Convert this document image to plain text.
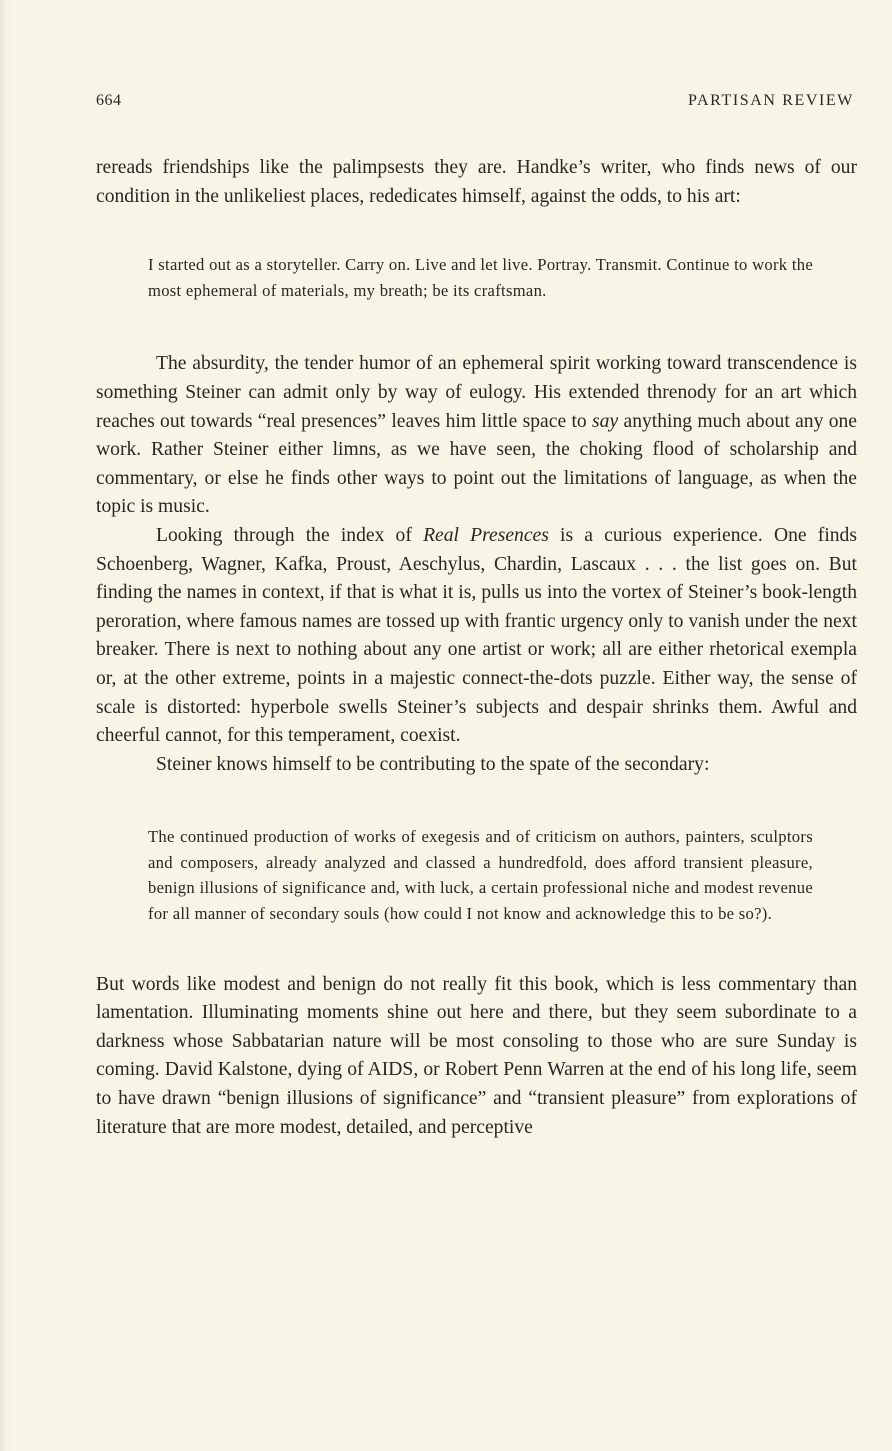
664	PARTISAN REVIEW

rereads friendships like the palimpsests they are. Handke’s writer, who finds news of our condition in the unlikeliest places, rededicates himself, against the odds, to his art:

I started out as a storyteller. Carry on. Live and let live. Portray. Transmit. Continue to work the most ephemeral of materials, my breath; be its craftsman.

The absurdity, the tender humor of an ephemeral spirit working toward transcendence is something Steiner can admit only by way of eulogy. His extended threnody for an art which reaches out towards “real presences” leaves him little space to say anything much about any one work. Rather Steiner either limns, as we have seen, the choking flood of scholarship and commentary, or else he finds other ways to point out the limitations of language, as when the topic is music.

Looking through the index of Real Presences is a curious experience. One finds Schoenberg, Wagner, Kafka, Proust, Aeschylus, Chardin, Lascaux . . . the list goes on. But finding the names in context, if that is what it is, pulls us into the vortex of Steiner’s book-length peroration, where famous names are tossed up with frantic urgency only to vanish under the next breaker. There is next to nothing about any one artist or work; all are either rhetorical exempla or, at the other extreme, points in a majestic connect-the-dots puzzle. Either way, the sense of scale is distorted: hyperbole swells Steiner’s subjects and despair shrinks them. Awful and cheerful cannot, for this temperament, coexist.

Steiner knows himself to be contributing to the spate of the secondary:

The continued production of works of exegesis and of criticism on authors, painters, sculptors and composers, already analyzed and classed a hundredfold, does afford transient pleasure, benign illusions of significance and, with luck, a certain professional niche and modest revenue for all manner of secondary souls (how could I not know and acknowledge this to be so?).

But words like modest and benign do not really fit this book, which is less commentary than lamentation. Illuminating moments shine out here and there, but they seem subordinate to a darkness whose Sabbatarian nature will be most consoling to those who are sure Sunday is coming. David Kalstone, dying of AIDS, or Robert Penn Warren at the end of his long life, seem to have drawn “benign illusions of significance” and “transient pleasure” from explorations of literature that are more modest, detailed, and perceptive
